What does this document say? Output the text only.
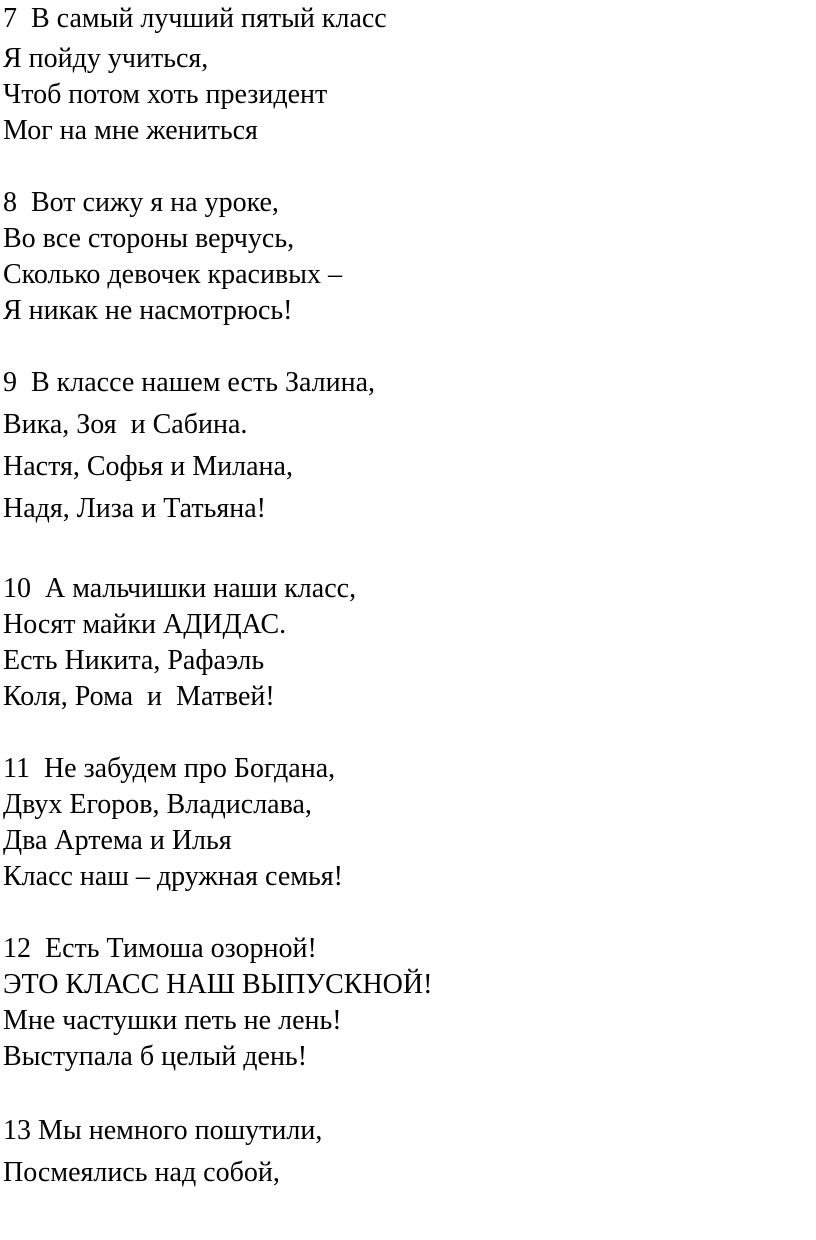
7  В самый лучший пятый класс
Я пойду учиться,
Чтоб потом хоть президент
Мог на мне жениться
8  Вот сижу я на уроке,
Во все стороны верчусь,
Сколько девочек красивых –
Я никак не насмотрюсь!
9  В классе нашем есть Залина,
Вика, Зоя  и Сабина.
Настя, Софья и Милана,
Надя, Лиза и Татьяна!
10  А мальчишки наши класс,
Носят майки АДИДАС.
Есть Никита, Рафаэль
Коля, Рома  и  Матвей!
11  Не забудем про Богдана,
Двух Егоров, Владислава,
Два Артема и Илья
Класс наш – дружная семья!
12  Есть Тимоша озорной!
ЭТО КЛАСС НАШ ВЫПУСКНОЙ!
Мне частушки петь не лень!
Выступала б целый день!
13 Мы немного пошутили,
Посмеялись над собой,
